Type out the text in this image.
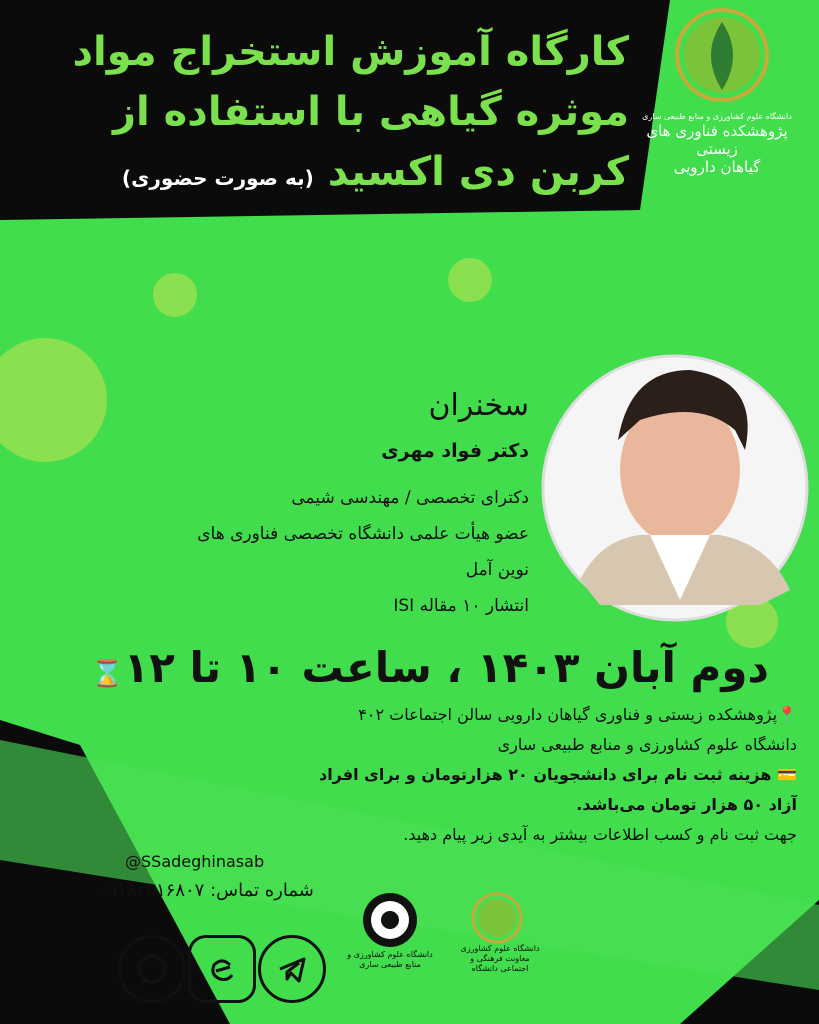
کارگاه آموزش استخراج مواد
موثره گیاهی با استفاده از
کربن دی اکسید (به صورت حضوری)
دانشگاه علوم کشاورزی و منابع طبیعی ساری
پژوهشکده فناوری های زیستی
گیاهان دارویی
سخنران
دکتر فواد مهری
دکترای تخصصی / مهندسی شیمی
عضو هیأت علمی دانشگاه تخصصی فناوری های
نوین آمل
انتشار ۱۰ مقاله ISI
دوم آبان ۱۴۰۳ ، ساعت ۱۰ تا ۱۲⌛
📍پژوهشکده زیستی و فناوری گیاهان دارویی سالن اجتماعات ۴۰۲
دانشگاه علوم کشاورزی و منابع طبیعی ساری
💳 هزینه ثبت نام برای دانشجویان ۲۰ هزارتومان و برای افراد
آزاد ۵۰ هزار تومان می‌باشد.
جهت ثبت نام و کسب اطلاعات بیشتر به آیدی زیر پیام دهید.
@SSadeghinasab
شماره تماس: ۰۹۱۸۲۵۱۶۸۰۷
دانشگاه علوم کشاورزی و منابع طبیعی ساری
دانشگاه علوم کشاورزی
معاونت فرهنگی و اجتماعی دانشگاه
